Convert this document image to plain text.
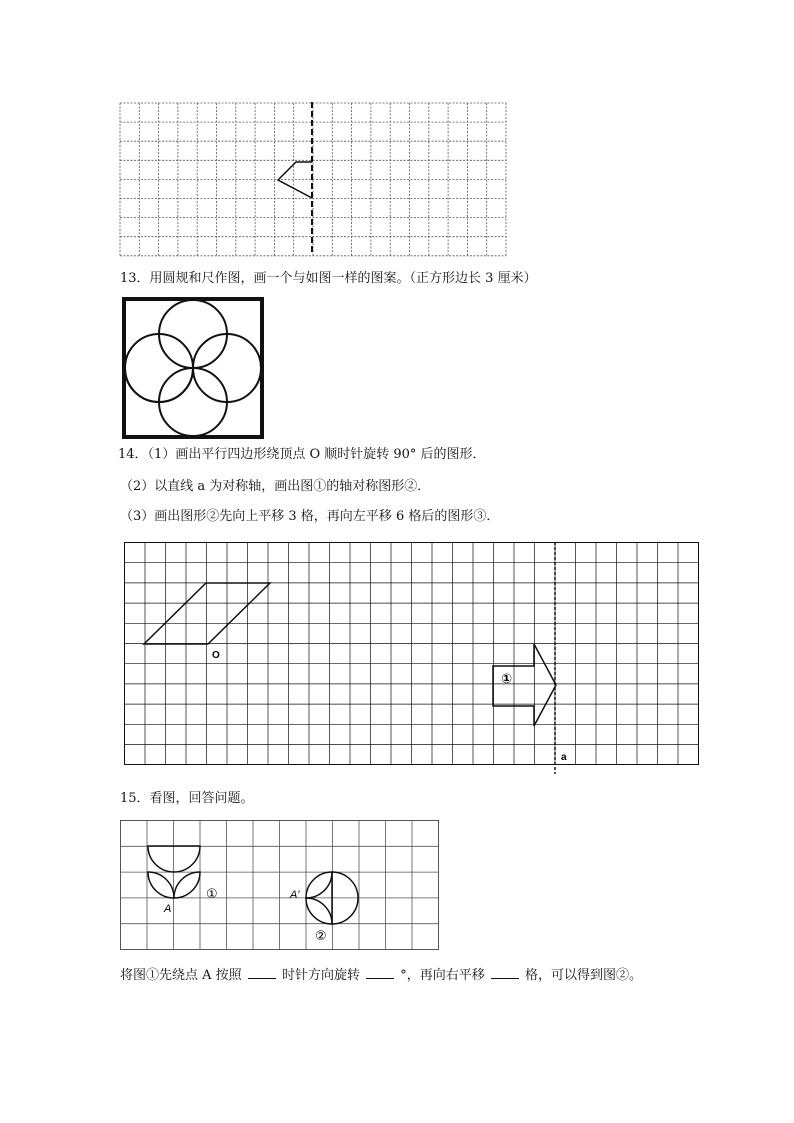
13．用圆规和尺作图，画一个与如图一样的图案。（正方形边长 3 厘米）
14．（1）画出平行四边形绕顶点 O 顺时针旋转 90° 后的图形．
（2）以直线 a 为对称轴，画出图①的轴对称图形②．
（3）画出图形②先向上平移 3 格，再向左平移 6 格后的图形③．
a
O
①
15．看图，回答问题。
A
①	A′
②
将图①先绕点 A 按照	时针方向旋转	°，再向右平移	格，可以得到图②。
